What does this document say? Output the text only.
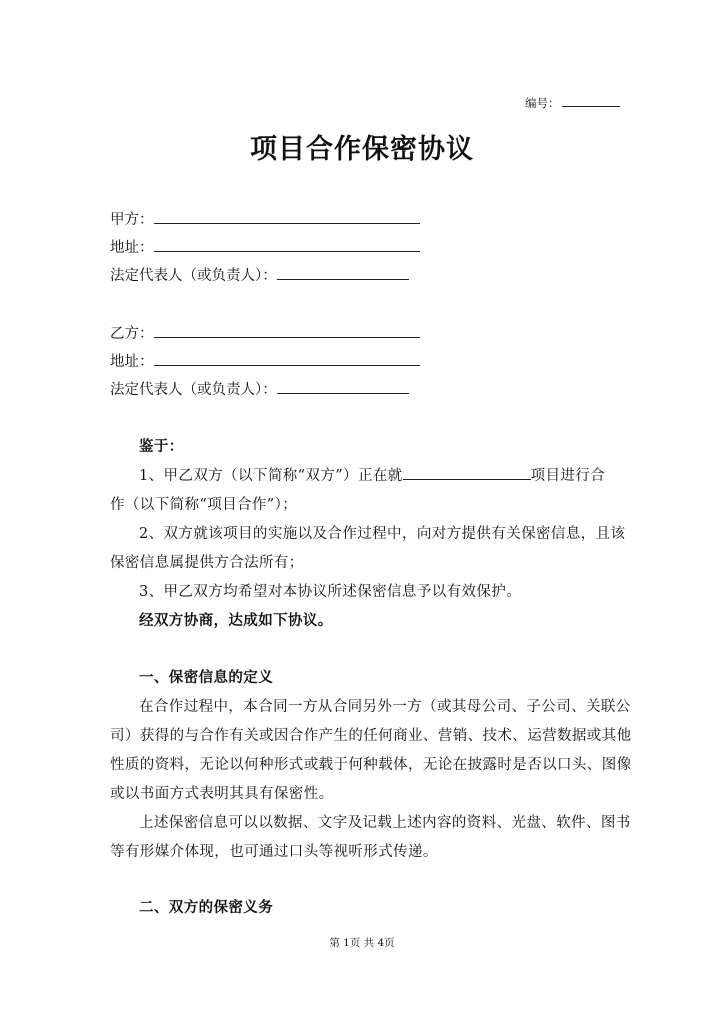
编号：
项目合作保密协议
甲方：
地址：
法定代表人（或负责人）：
乙方：
地址：
法定代表人（或负责人）：
鉴于：
1、甲乙双方（以下简称“双方”）正在就	项目进行合
作（以下简称“项目合作”）；
2、双方就该项目的实施以及合作过程中，向对方提供有关保密信息，且该
保密信息属提供方合法所有；
3、甲乙双方均希望对本协议所述保密信息予以有效保护。
经双方协商，达成如下协议。
一、保密信息的定义
在合作过程中，本合同一方从合同另外一方（或其母公司、子公司、关联公
司）获得的与合作有关或因合作产生的任何商业、营销、技术、运营数据或其他
性质的资料，无论以何种形式或载于何种载体，无论在披露时是否以口头、图像
或以书面方式表明其具有保密性。
上述保密信息可以以数据、文字及记载上述内容的资料、光盘、软件、图书
等有形媒介体现，也可通过口头等视听形式传递。
二、双方的保密义务
第 1页 共 4页
